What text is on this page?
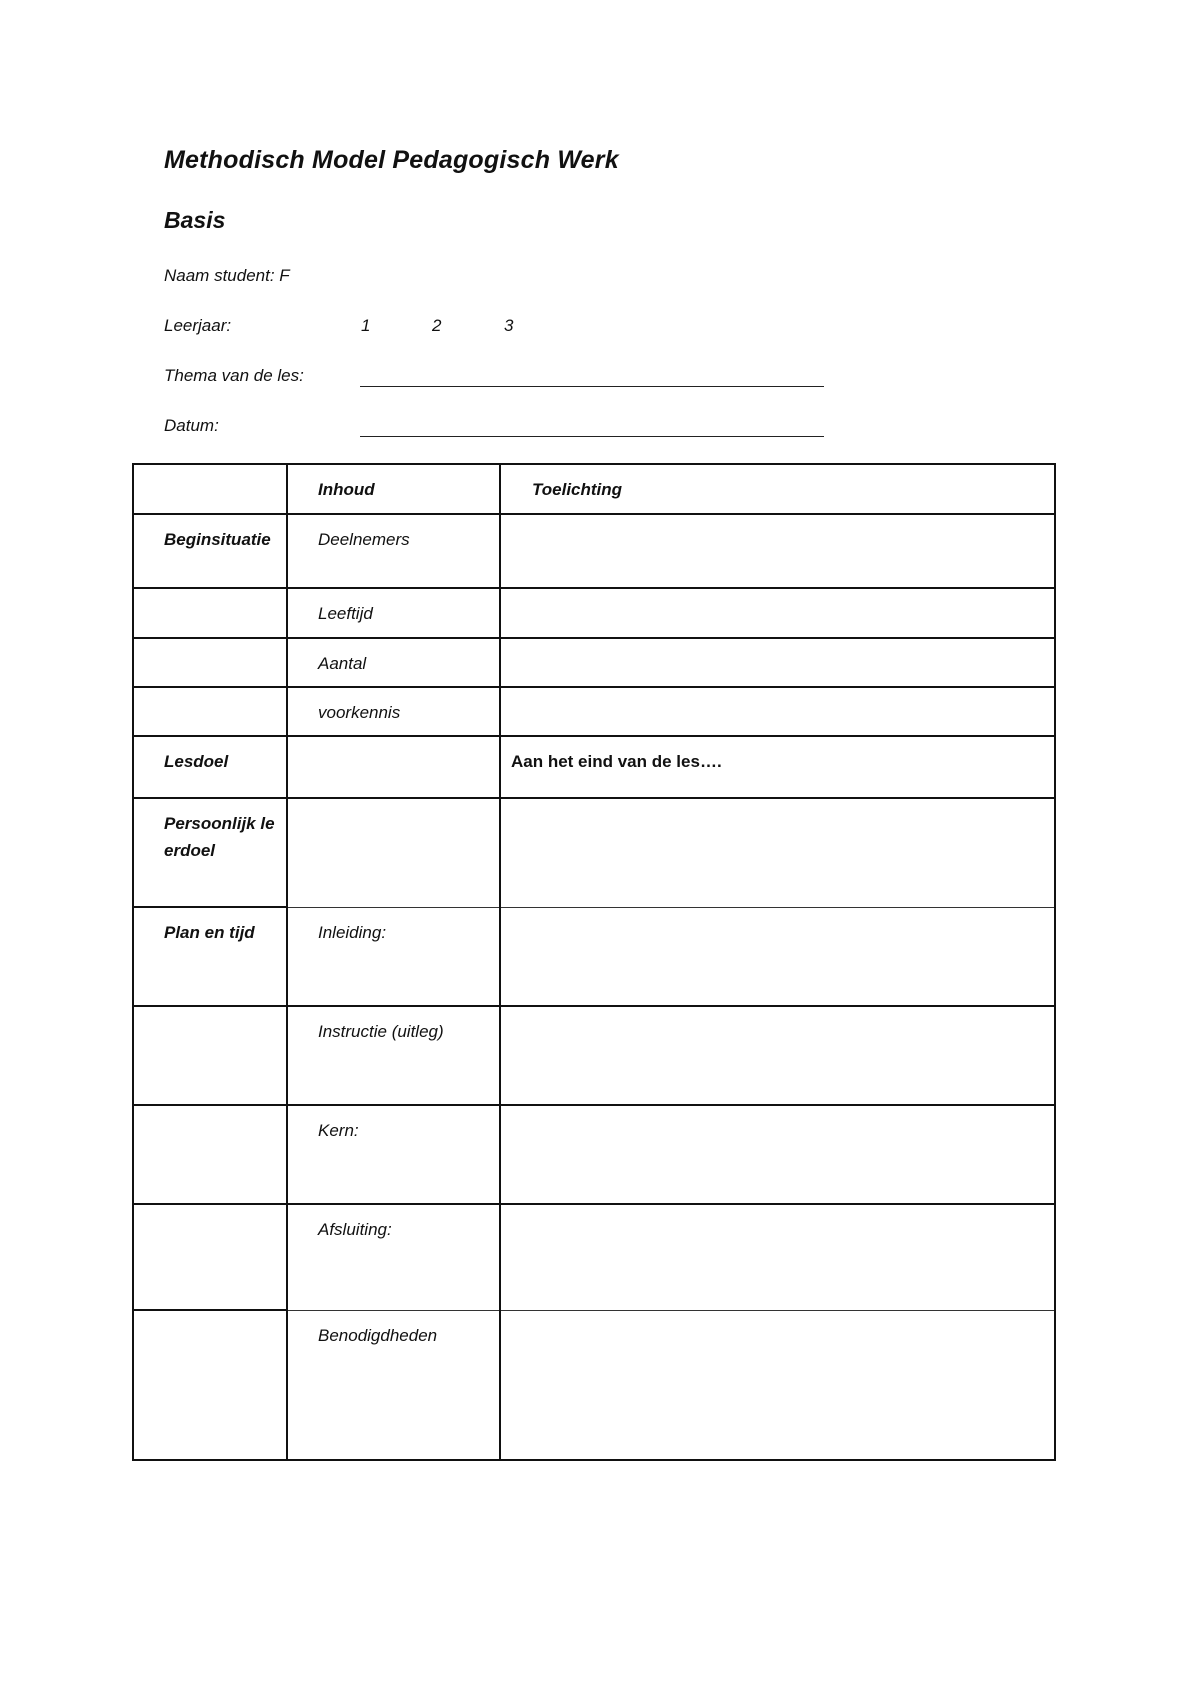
Methodisch Model Pedagogisch Werk
Basis
Naam student: F
Leerjaar:	1	2	3
Thema van de les:
Datum:
	Inhoud	Toelichting
Beginsituatie	Deelnemers	
	Leeftijd	
	Aantal	
	voorkennis	
Lesdoel		Aan het eind van de les….
Persoonlijk leerdoel		
Plan en tijd	Inleiding:	
	Instructie (uitleg)	
	Kern:	
	Afsluiting:	
	Benodigdheden	
